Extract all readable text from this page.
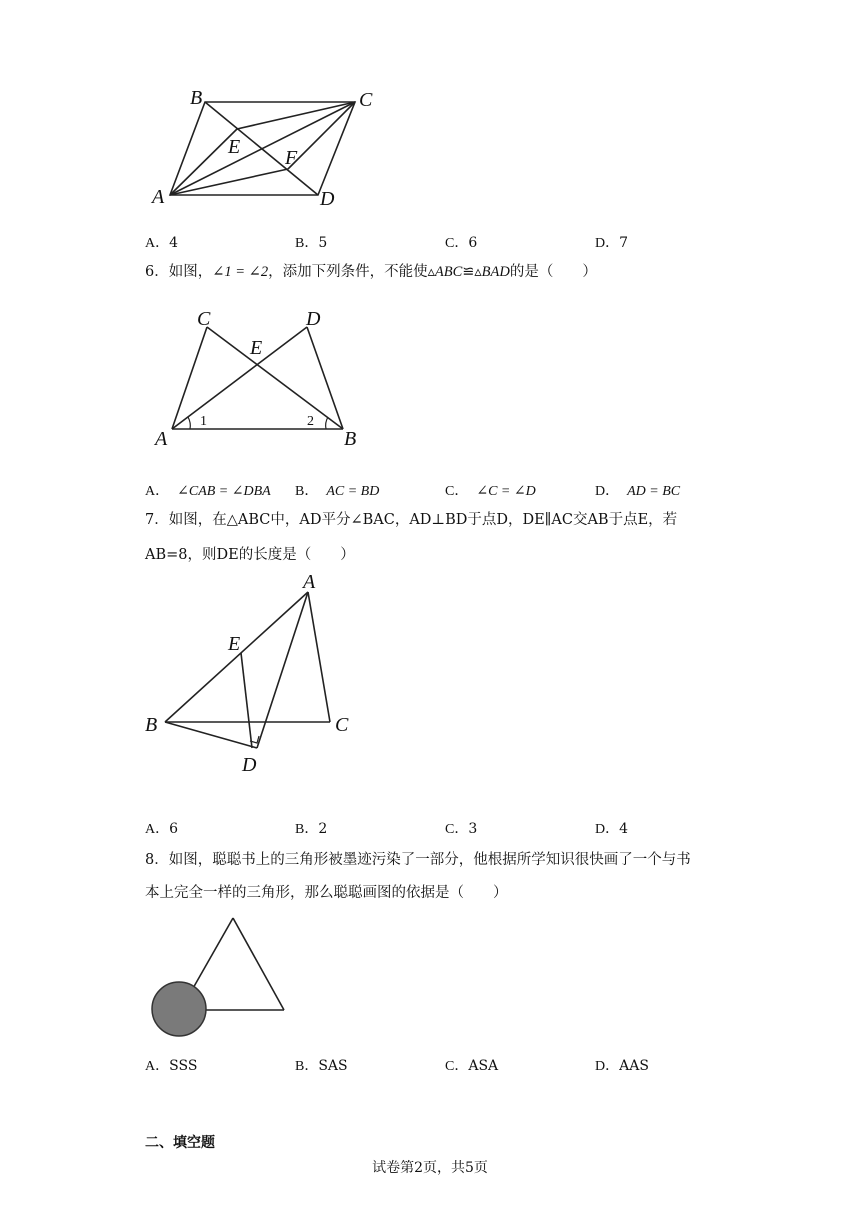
B	C
E F
A	D
A．4	B．5	C．6	D．7
6．如图，∠1 = ∠2，添加下列条件，不能使▵ABC≌▵BAD的是（　　）
C	D
E
A	B
1	2
A． ∠CAB = ∠DBA B． AC = BD	C． ∠C = ∠D	D． AD = BC
7．如图，在△ABC中，AD平分∠BAC，AD⊥BD于点D，DE∥AC交AB于点E，若
AB=8，则DE的长度是（　　）
A
E
B	C
D
A．6	B．2	C．3	D．4
8．如图，聪聪书上的三角形被墨迹污染了一部分，他根据所学知识很快画了一个与书
本上完全一样的三角形，那么聪聪画图的依据是（　　）
A．SSS	B．SAS	C．ASA	D．AAS
二、填空题
试卷第2页，共5页
